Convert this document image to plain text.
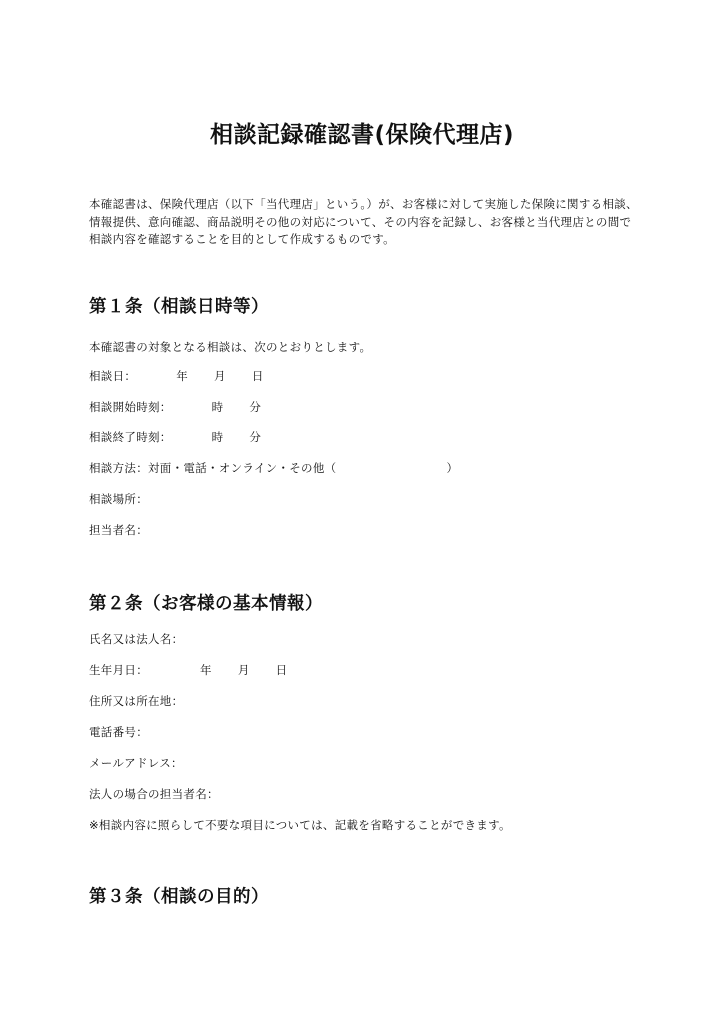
相談記録確認書(保険代理店)
本確認書は、保険代理店（以下「当代理店」という。）が、お客様に対して実施した保険に関する相談、情報提供、意向確認、商品説明その他の対応について、その内容を記録し、お客様と当代理店との間で相談内容を確認することを目的として作成するものです。
第１条（相談日時等）
本確認書の対象となる相談は、次のとおりとします。
相談日：	年 月 日
相談開始時刻：	時 分
相談終了時刻：	時 分
相談方法：対面・電話・オンライン・その他（	）
相談場所：
担当者名：
第２条（お客様の基本情報）
氏名又は法人名：
生年月日：	年 月 日
住所又は所在地：
電話番号：
メールアドレス：
法人の場合の担当者名：
※相談内容に照らして不要な項目については、記載を省略することができます。
第３条（相談の目的）
